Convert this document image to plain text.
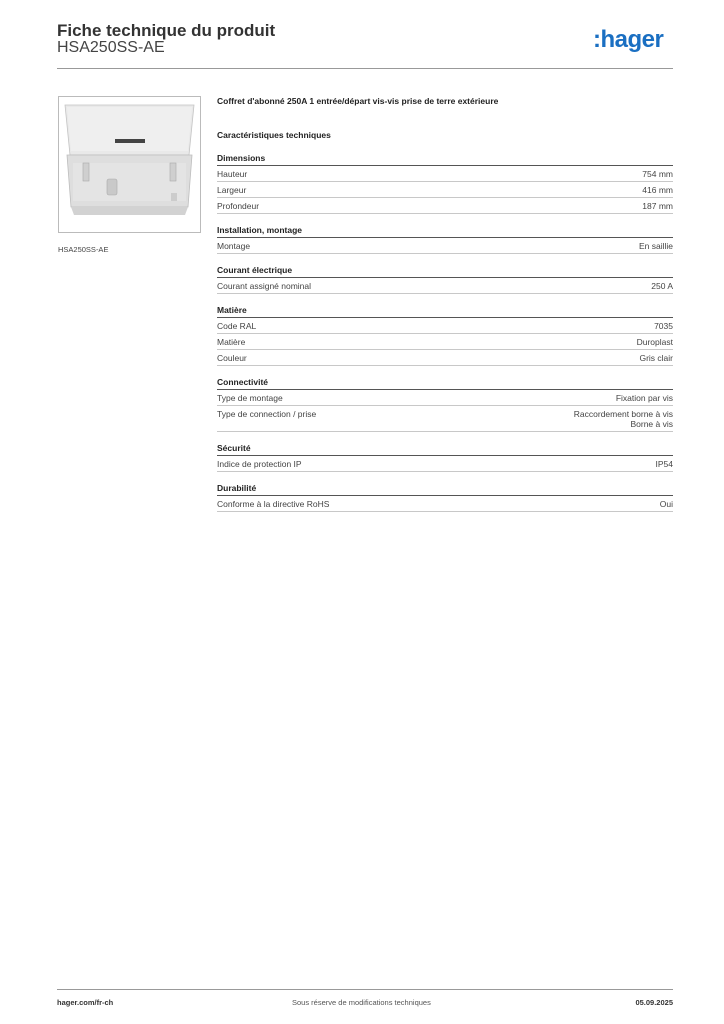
Fiche technique du produit
HSA250SS-AE	:hager
HSA250SS-AE
Coffret d'abonné 250A 1 entrée/départ vis-vis prise de terre extérieure
Caractéristiques techniques
Dimensions
Hauteur	754 mm
Largeur	416 mm
Profondeur	187 mm
Installation, montage
Montage	En saillie
Courant électrique
Courant assigné nominal	250 A
Matière
Code RAL	7035
Matière	Duroplast
Couleur	Gris clair
Connectivité
Type de montage	Fixation par vis
Type de connection / prise	Raccordement borne à vis
Borne à vis
Sécurité
Indice de protection IP	IP54
Durabilité
Conforme à la directive RoHS	Oui
hager.com/fr-ch	Sous réserve de modifications techniques	05.09.2025
